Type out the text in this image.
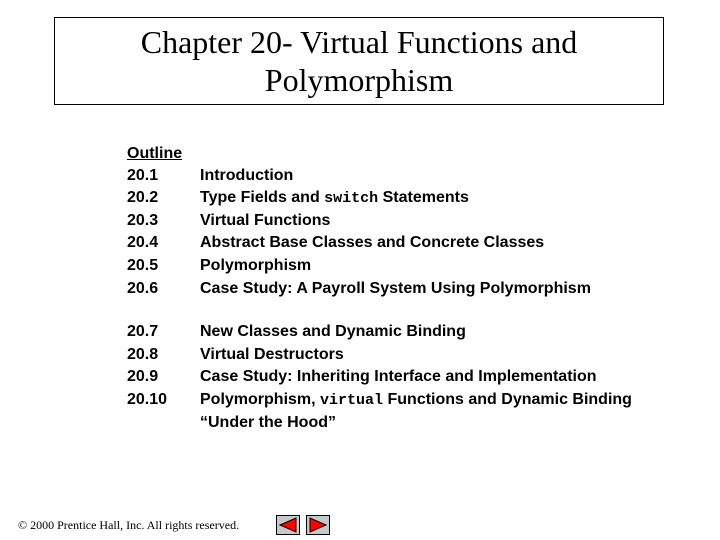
Chapter 20- Virtual Functions and Polymorphism
Outline
20.1	Introduction
20.2	Type Fields and switch Statements
20.3	Virtual Functions
20.4	Abstract Base Classes and Concrete Classes
20.5	Polymorphism
20.6	Case Study: A Payroll System Using Polymorphism
20.7	New Classes and Dynamic Binding
20.8	Virtual Destructors
20.9	Case Study: Inheriting Interface and Implementation
20.10	Polymorphism, virtual Functions and Dynamic Binding “Under the Hood”
© 2000 Prentice Hall, Inc. All rights reserved.
